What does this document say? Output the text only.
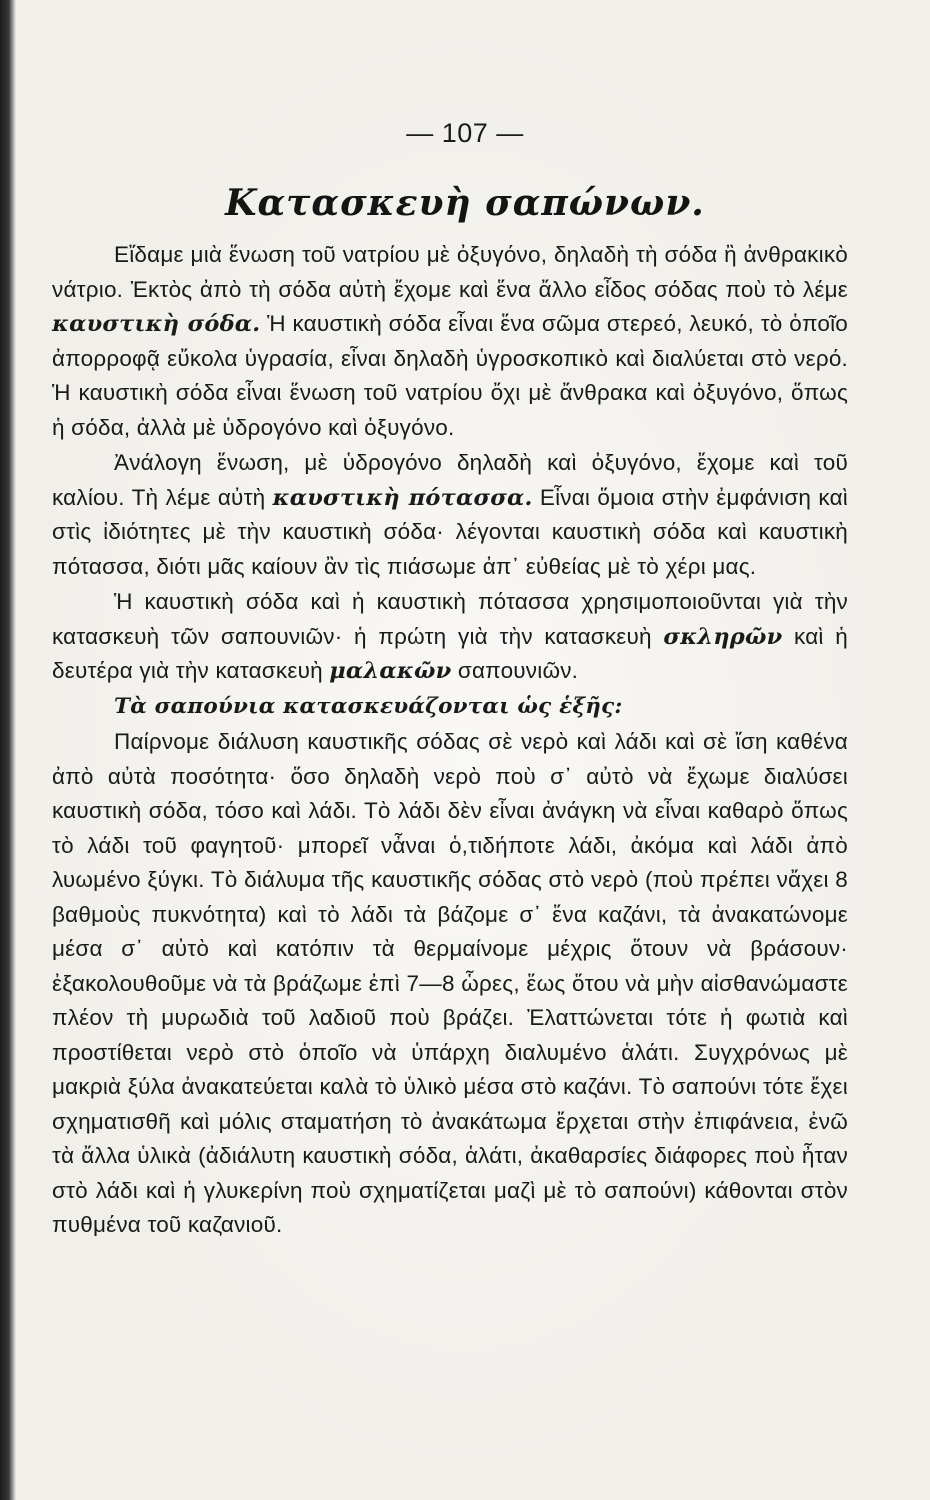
— 107 —
Κατασκευὴ σαπώνων.

Εἴδαμε μιὰ ἕνωση τοῦ νατρίου μὲ ὀξυγόνο, δηλαδὴ τὴ σόδα ἢ ἀνθρακικὸ νάτριο. Ἐκτὸς ἀπὸ τὴ σόδα αὐτὴ ἔχομε καὶ ἕνα ἄλλο εἶδος σόδας ποὺ τὸ λέμε καυστικὴ σόδα. Ἡ καυστικὴ σόδα εἶναι ἕνα σῶμα στερεό, λευκό, τὸ ὁποῖο ἀπορροφᾷ εὔκολα ὑγρασία, εἶναι δηλαδὴ ὑγροσκοπικὸ καὶ διαλύεται στὸ νερό. Ἡ καυστικὴ σόδα εἶναι ἕνωση τοῦ νατρίου ὄχι μὲ ἄνθρακα καὶ ὀξυγόνο, ὅπως ἡ σόδα, ἀλλὰ μὲ ὑδρογόνο καὶ ὀξυγόνο.

Ἀνάλογη ἕνωση, μὲ ὑδρογόνο δηλαδὴ καὶ ὀξυγόνο, ἔχομε καὶ τοῦ καλίου. Τὴ λέμε αὐτὴ καυστικὴ πότασσα. Εἶναι ὅμοια στὴν ἐμφάνιση καὶ στὶς ἰδιότητες μὲ τὴν καυστικὴ σόδα· λέγονται καυστικὴ σόδα καὶ καυστικὴ πότασσα, διότι μᾶς καίουν ἂν τὶς πιάσωμε ἀπ᾽ εὐθείας μὲ τὸ χέρι μας.

Ἡ καυστικὴ σόδα καὶ ἡ καυστικὴ πότασσα χρησιμοποιοῦνται γιὰ τὴν κατασκευὴ τῶν σαπουνιῶν· ἡ πρώτη γιὰ τὴν κατασκευὴ σκληρῶν καὶ ἡ δευτέρα γιὰ τὴν κατασκευὴ μαλακῶν σαπουνιῶν.

Τὰ σαπούνια κατασκευάζονται ὡς ἑξῆς:

Παίρνομε διάλυση καυστικῆς σόδας σὲ νερὸ καὶ λάδι καὶ σὲ ἴση καθένα ἀπὸ αὐτὰ ποσότητα· ὅσο δηλαδὴ νερὸ ποὺ σ᾽ αὐτὸ νὰ ἔχωμε διαλύσει καυστικὴ σόδα, τόσο καὶ λάδι. Τὸ λάδι δὲν εἶναι ἀνάγκη νὰ εἶναι καθαρὸ ὅπως τὸ λάδι τοῦ φαγητοῦ· μπορεῖ νἆναι ὁ,τιδήποτε λάδι, ἀκόμα καὶ λάδι ἀπὸ λυωμένο ξύγκι. Τὸ διάλυμα τῆς καυστικῆς σόδας στὸ νερὸ (ποὺ πρέπει νἄχει 8 βαθμοὺς πυκνότητα) καὶ τὸ λάδι τὰ βάζομε σ᾽ ἕνα καζάνι, τὰ ἀνακατώνομε μέσα σ᾽ αὐτὸ καὶ κατόπιν τὰ θερμαίνομε μέχρις ὅτουν νὰ βράσουν· ἐξακολουθοῦμε νὰ τὰ βράζωμε ἐπὶ 7—8 ὧρες, ἕως ὅτου νὰ μὴν αἰσθανώμαστε πλέον τὴ μυρωδιὰ τοῦ λαδιοῦ ποὺ βράζει. Ἐλαττώνεται τότε ἡ φωτιὰ καὶ προστίθεται νερὸ στὸ ὁποῖο νὰ ὑπάρχη διαλυμένο ἁλάτι. Συγχρόνως μὲ μακριὰ ξύλα ἀνακατεύεται καλὰ τὸ ὑλικὸ μέσα στὸ καζάνι. Τὸ σαπούνι τότε ἔχει σχηματισθῆ καὶ μόλις σταματήση τὸ ἀνακάτωμα ἔρχεται στὴν ἐπιφάνεια, ἐνῶ τὰ ἄλλα ὑλικὰ (ἀδιάλυτη καυστικὴ σόδα, ἁλάτι, ἀκαθαρσίες διάφορες ποὺ ἦταν στὸ λάδι καὶ ἡ γλυκερίνη ποὺ σχηματίζεται μαζὶ μὲ τὸ σαπούνι) κάθονται στὸν πυθμένα τοῦ καζανιοῦ.
